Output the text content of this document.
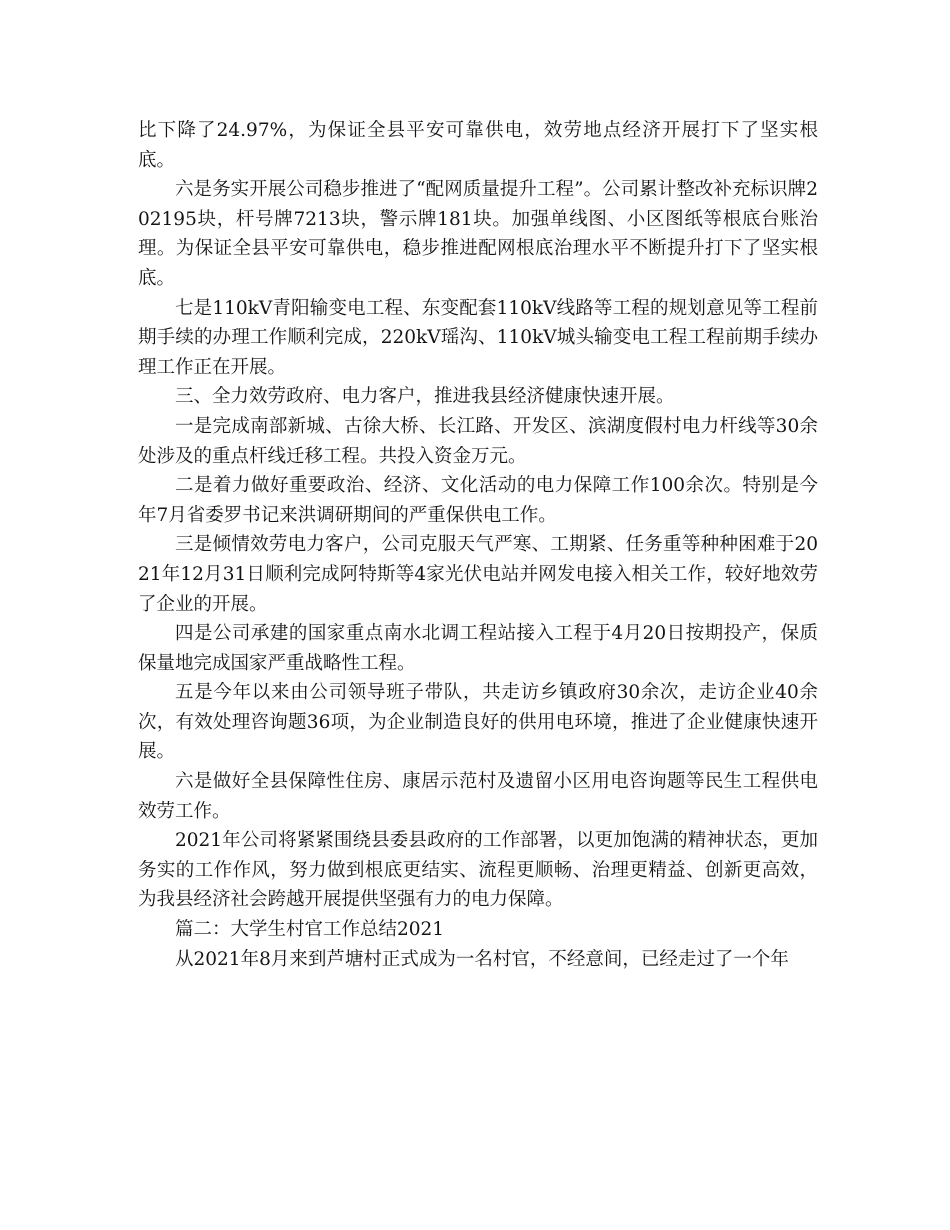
比下降了24.97%，为保证全县平安可靠供电，效劳地点经济开展打下了坚实根底。

六是务实开展公司稳步推进了“配网质量提升工程”。公司累计整改补充标识牌202195块，杆号牌7213块，警示牌181块。加强单线图、小区图纸等根底台账治理。为保证全县平安可靠供电，稳步推进配网根底治理水平不断提升打下了坚实根底。

七是110kV青阳输变电工程、东变配套110kV线路等工程的规划意见等工程前期手续的办理工作顺利完成，220kV瑶沟、110kV城头输变电工程工程前期手续办理工作正在开展。

三、全力效劳政府、电力客户，推进我县经济健康快速开展。

一是完成南部新城、古徐大桥、长江路、开发区、滨湖度假村电力杆线等30余处涉及的重点杆线迁移工程。共投入资金万元。

二是着力做好重要政治、经济、文化活动的电力保障工作100余次。特别是今年7月省委罗书记来洪调研期间的严重保供电工作。

三是倾情效劳电力客户，公司克服天气严寒、工期紧、任务重等种种困难于2021年12月31日顺利完成阿特斯等4家光伏电站并网发电接入相关工作，较好地效劳了企业的开展。

四是公司承建的国家重点南水北调工程站接入工程于4月20日按期投产，保质保量地完成国家严重战略性工程。

五是今年以来由公司领导班子带队，共走访乡镇政府30余次，走访企业40余次，有效处理咨询题36项，为企业制造良好的供用电环境，推进了企业健康快速开展。

六是做好全县保障性住房、康居示范村及遗留小区用电咨询题等民生工程供电效劳工作。

2021年公司将紧紧围绕县委县政府的工作部署，以更加饱满的精神状态，更加务实的工作作风，努力做到根底更结实、流程更顺畅、治理更精益、创新更高效，为我县经济社会跨越开展提供坚强有力的电力保障。

篇二：大学生村官工作总结2021

从2021年8月来到芦塘村正式成为一名村官，不经意间，已经走过了一个年
